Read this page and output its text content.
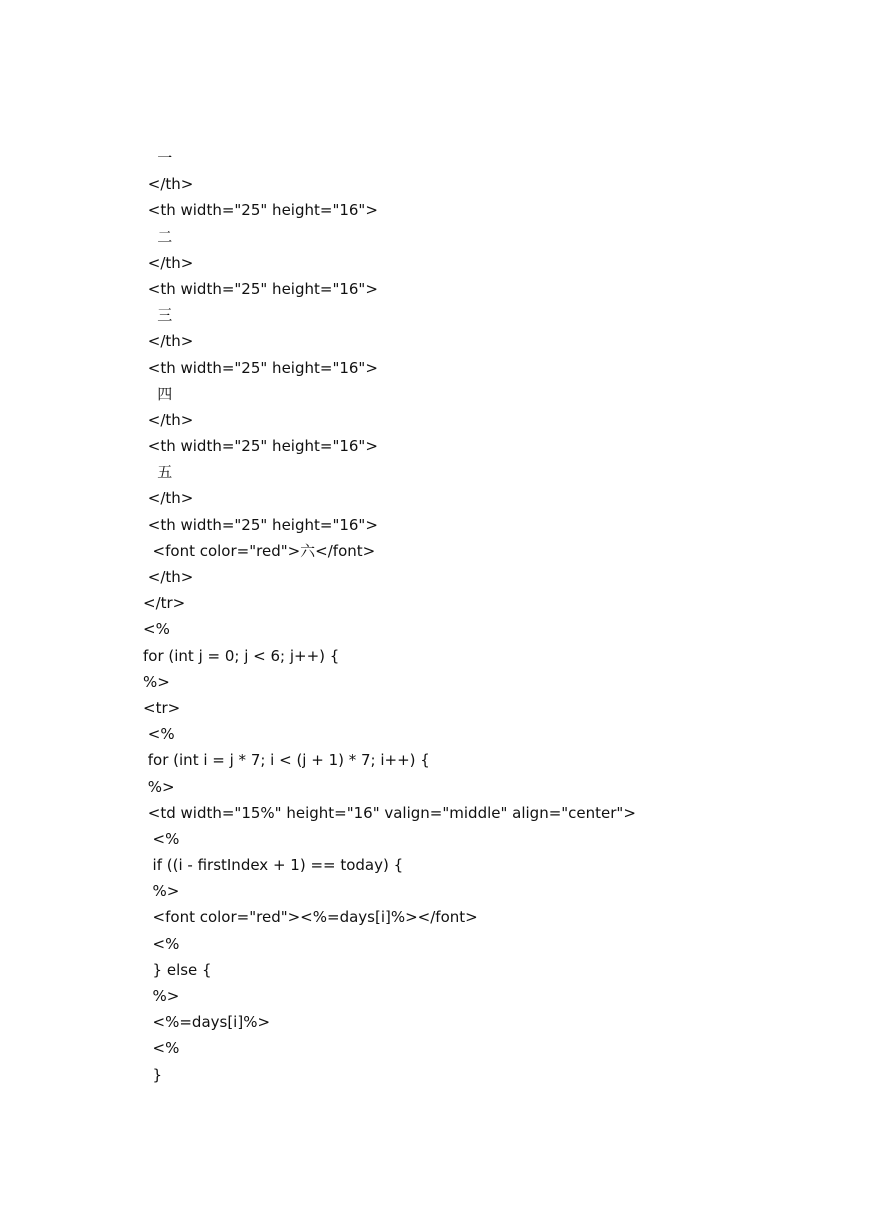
一
</th>
<th width="25" height="16">
二
</th>
<th width="25" height="16">
三
</th>
<th width="25" height="16">
四
</th>
<th width="25" height="16">
五
</th>
<th width="25" height="16">
<font color="red">六</font>
</th>
</tr>
<%
for (int j = 0; j < 6; j++) {
%>
<tr>
<%
for (int i = j * 7; i < (j + 1) * 7; i++) {
%>
<td width="15%" height="16" valign="middle" align="center">
<%
if ((i - firstIndex + 1) == today) {
%>
<font color="red"><%=days[i]%></font>
<%
} else {
%>
<%=days[i]%>
<%
}
